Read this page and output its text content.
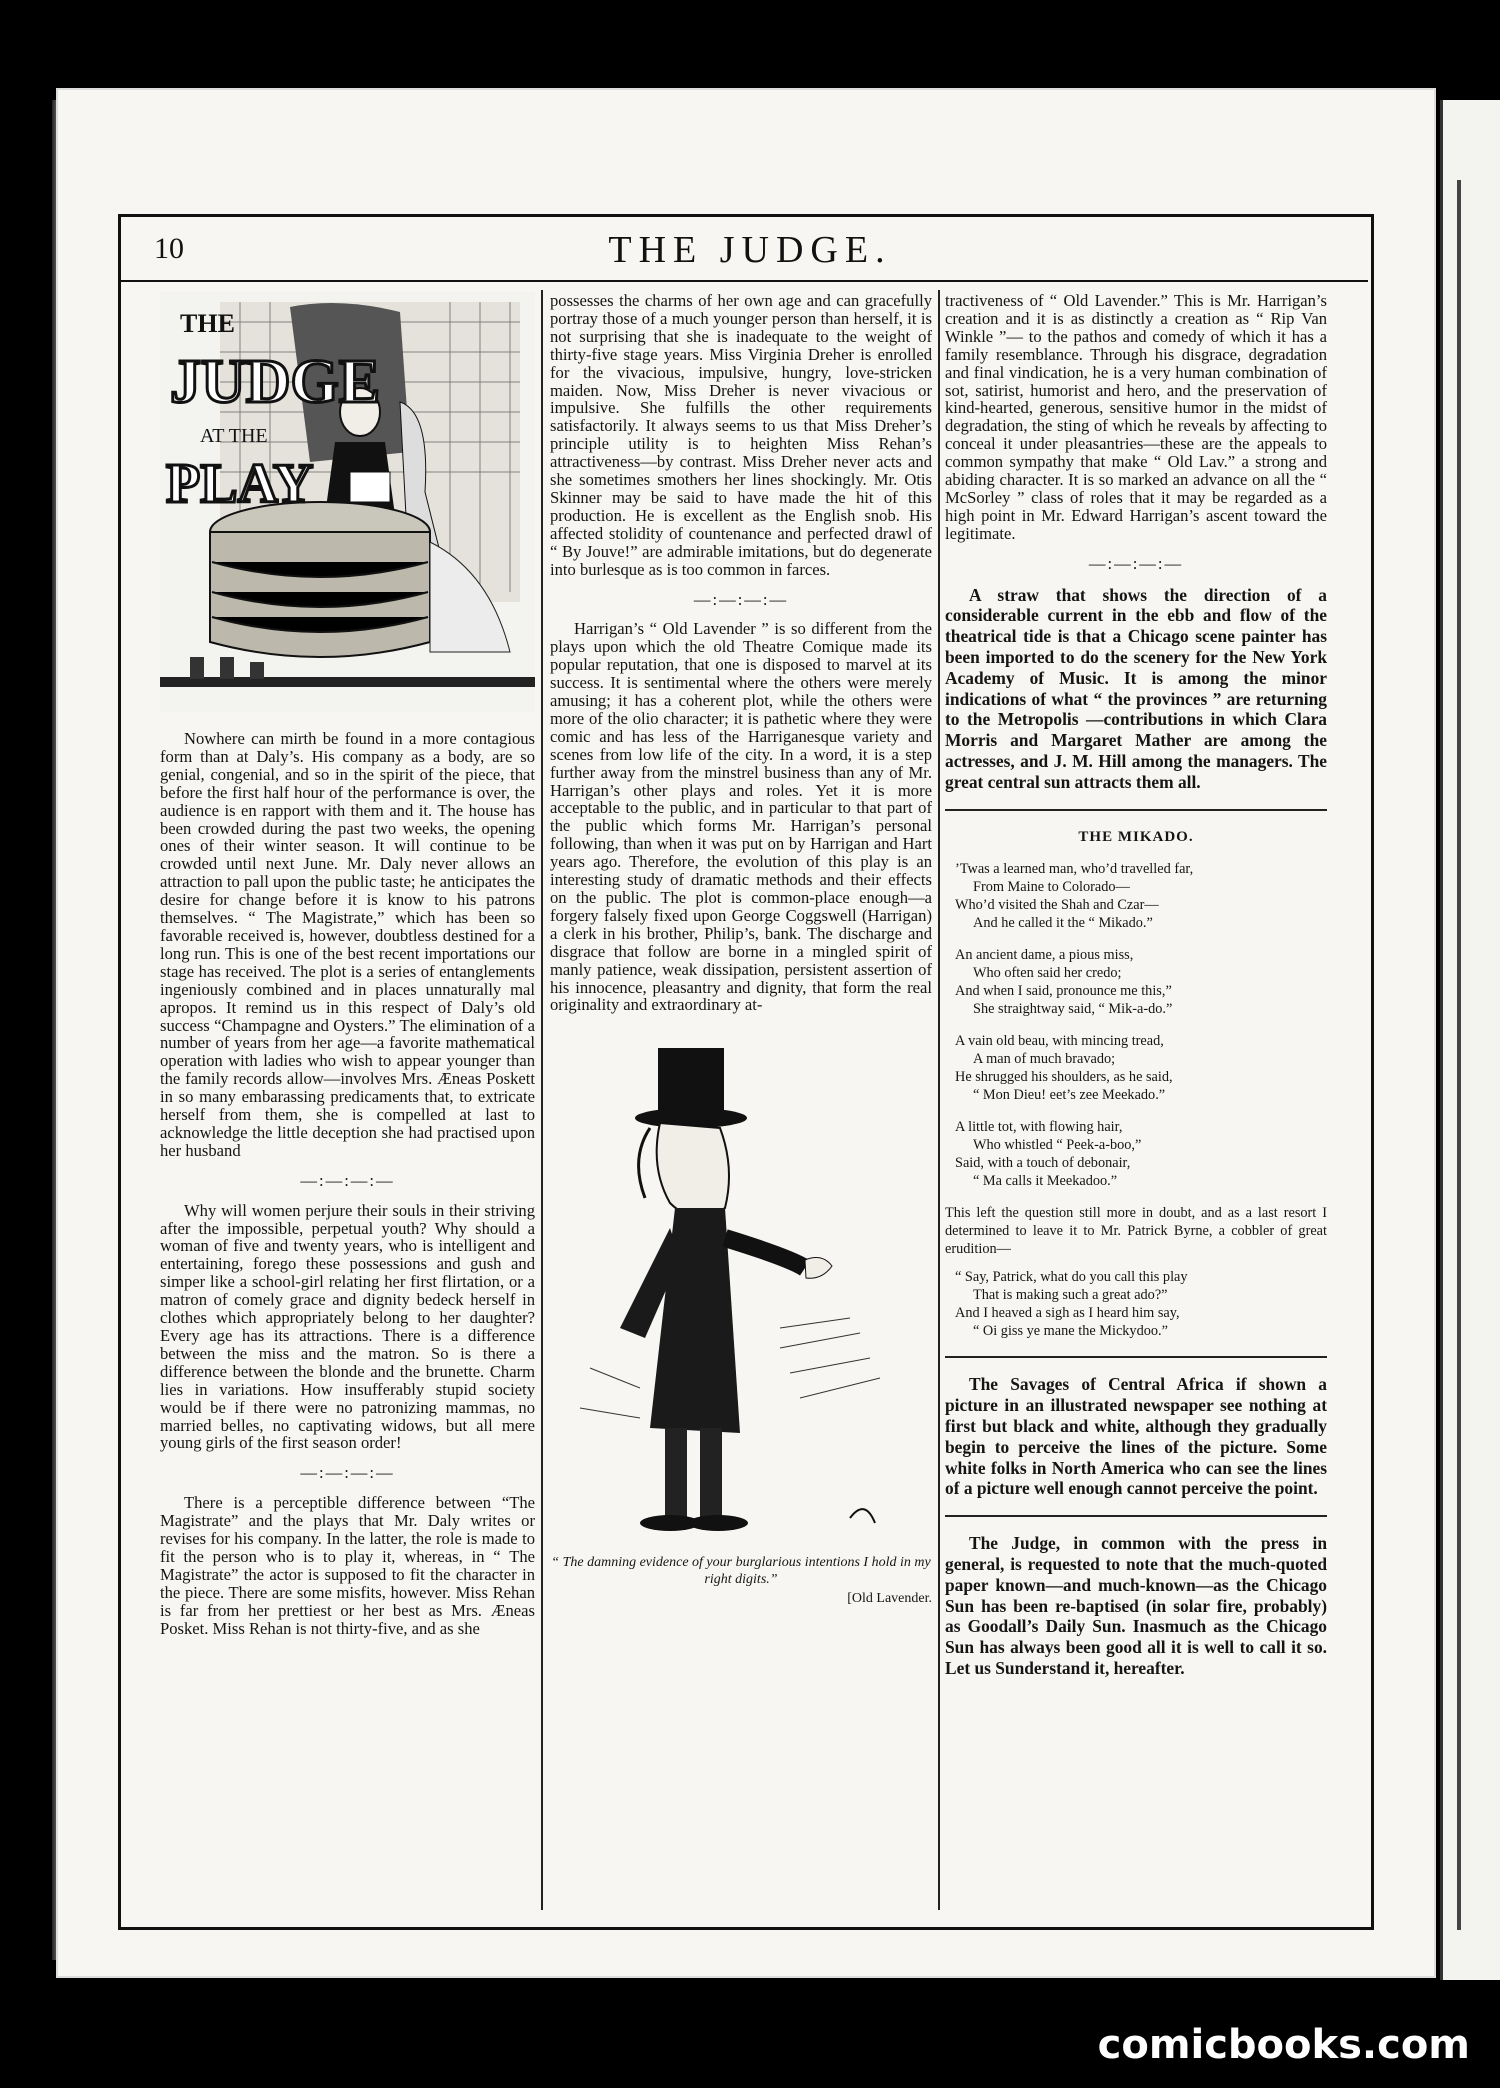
10	THE JUDGE.
THE
JUDGE
AT THE
PLAY

Nowhere can mirth be found in a more contagious form than at Daly’s. His company as a body, are so genial, congenial, and so in the spirit of the piece, that before the first half hour of the performance is over, the audience is en rapport with them and it. The house has been crowded during the past two weeks, the opening ones of their winter season. It will continue to be crowded until next June. Mr. Daly never allows an attraction to pall upon the public taste; he anticipates the desire for change before it is know to his patrons themselves. “ The Magistrate,” which has been so favorable received is, however, doubtless destined for a long run. This is one of the best recent importations our stage has received. The plot is a series of entanglements ingeniously combined and in places unnaturally mal apropos. It remind us in this respect of Daly’s old success “Champagne and Oysters.” The elimination of a number of years from her age—a favorite mathematical operation with ladies who wish to appear younger than the family records allow—involves Mrs. Æneas Poskett in so many embarassing predicaments that, to extricate herself from them, she is compelled at last to acknowledge the little deception she had practised upon her husband

—:—:—:—

Why will women perjure their souls in their striving after the impossible, perpetual youth? Why should a woman of five and twenty years, who is intelligent and entertaining, forego these possessions and gush and simper like a school-girl relating her first flirtation, or a matron of comely grace and dignity bedeck herself in clothes which appropriately belong to her daughter? Every age has its attractions. There is a difference between the miss and the matron. So is there a difference between the blonde and the brunette. Charm lies in variations. How insufferably stupid society would be if there were no patronizing mammas, no married belles, no captivating widows, but all mere young girls of the first season order!

—:—:—:—

There is a perceptible difference between “The Magistrate” and the plays that Mr. Daly writes or revises for his company. In the latter, the role is made to fit the person who is to play it, whereas, in “ The Magistrate” the actor is supposed to fit the character in the piece. There are some misfits, however. Miss Rehan is far from her prettiest or her best as Mrs. Æneas Posket. Miss Rehan is not thirty-five, and as she

possesses the charms of her own age and can gracefully portray those of a much younger person than herself, it is not surprising that she is inadequate to the weight of thirty-five stage years. Miss Virginia Dreher is enrolled for the vivacious, impulsive, hungry, love-stricken maiden. Now, Miss Dreher is never vivacious or impulsive. She fulfills the other requirements satisfactorily. It always seems to us that Miss Dreher’s principle utility is to heighten Miss Rehan’s attractiveness—by contrast. Miss Dreher never acts and she sometimes smothers her lines shockingly. Mr. Otis Skinner may be said to have made the hit of this production. He is excellent as the English snob. His affected stolidity of countenance and perfected drawl of “ By Jouve!” are admirable imitations, but do degenerate into burlesque as is too common in farces.

—:—:—:—

Harrigan’s “ Old Lavender ” is so different from the plays upon which the old Theatre Comique made its popular reputation, that one is disposed to marvel at its success. It is sentimental where the others were merely amusing; it has a coherent plot, while the others were more of the olio character; it is pathetic where they were comic and has less of the Harriganesque variety and scenes from low life of the city. In a word, it is a step further away from the minstrel business than any of Mr. Harrigan’s other plays and roles. Yet it is more acceptable to the public, and in particular to that part of the public which forms Mr. Harrigan’s personal following, than when it was put on by Harrigan and Hart years ago. Therefore, the evolution of this play is an interesting study of dramatic methods and their effects on the public. The plot is common-place enough—a forgery falsely fixed upon George Coggswell (Harrigan) a clerk in his brother, Philip’s, bank. The discharge and disgrace that follow are borne in a mingled spirit of manly patience, weak dissipation, persistent assertion of his innocence, pleasantry and dignity, that form the real originality and extraordinary at-

“ The damning evidence of your burglarious intentions I hold in my right digits.”
[Old Lavender.

tractiveness of “ Old Lavender.” This is Mr. Harrigan’s creation and it is as distinctly a creation as “ Rip Van Winkle ”— to the pathos and comedy of which it has a family resemblance. Through his disgrace, degradation and final vindication, he is a very human combination of sot, satirist, humorist and hero, and the preservation of kind-hearted, generous, sensitive humor in the midst of degradation, the sting of which he reveals by affecting to conceal it under pleasantries—these are the appeals to common sympathy that make “ Old Lav.” a strong and abiding character. It is so marked an advance on all the “ McSorley ” class of roles that it may be regarded as a high point in Mr. Edward Harrigan’s ascent toward the legitimate.

—:—:—:—

A straw that shows the direction of a considerable current in the ebb and flow of the theatrical tide is that a Chicago scene painter has been imported to do the scenery for the New York Academy of Music. It is among the minor indications of what “ the provinces ” are returning to the Metropolis —contributions in which Clara Morris and Margaret Mather are among the actresses, and J. M. Hill among the managers. The great central sun attracts them all.

THE MIKADO.
’Twas a learned man, who’d travelled far,
From Maine to Colorado—
Who’d visited the Shah and Czar—
And he called it the “ Mikado.”
An ancient dame, a pious miss,
Who often said her credo;
And when I said, pronounce me this,”
She straightway said, “ Mik-a-do.”
A vain old beau, with mincing tread,
A man of much bravado;
He shrugged his shoulders, as he said,
“ Mon Dieu! eet’s zee Meekado.”
A little tot, with flowing hair,
Who whistled “ Peek-a-boo,”
Said, with a touch of debonair,
“ Ma calls it Meekadoo.”

This left the question still more in doubt, and as a last resort I determined to leave it to Mr. Patrick Byrne, a cobbler of great erudition—

“ Say, Patrick, what do you call this play
That is making such a great ado?”
And I heaved a sigh as I heard him say,
“ Oi giss ye mane the Mickydoo.”

The Savages of Central Africa if shown a picture in an illustrated newspaper see nothing at first but black and white, although they gradually begin to perceive the lines of the picture. Some white folks in North America who can see the lines of a picture well enough cannot perceive the point.

The Judge, in common with the press in general, is requested to note that the much-quoted paper known—and much-known—as the Chicago Sun has been re-baptised (in solar fire, probably) as Goodall’s Daily Sun. Inasmuch as the Chicago Sun has always been good all it is well to call it so. Let us Sunderstand it, hereafter.

comicbooks.com
